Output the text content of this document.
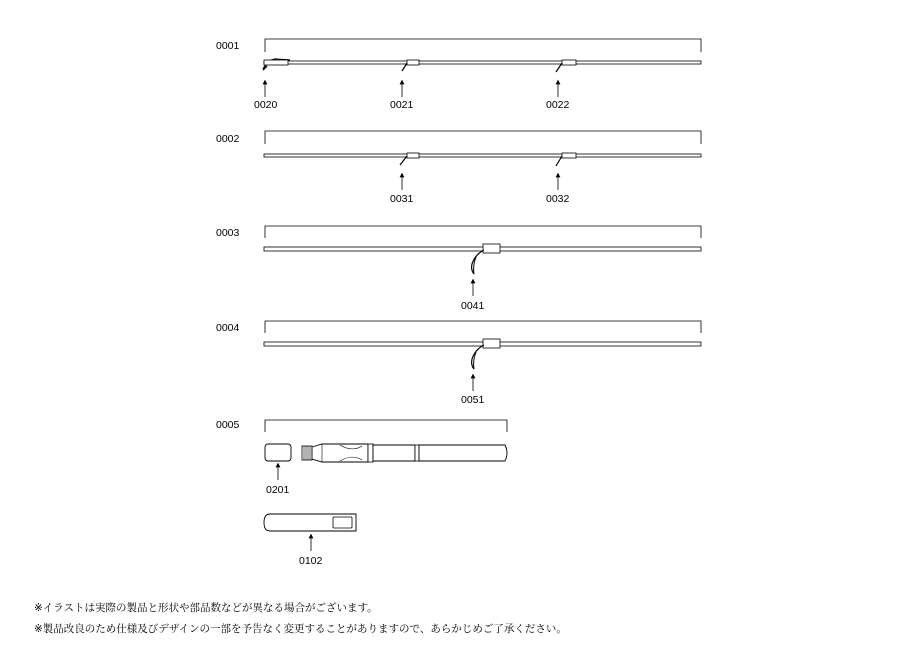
0001
0020	0021	0022
0002
0031	0032
0003
0041
0004
0051
0005
0201
0102
※イラストは実際の製品と形状や部品数などが異なる場合がございます。
※製品改良のため仕様及びデザインの一部を予告なく変更することがありますので、あらかじめご了承ください。
